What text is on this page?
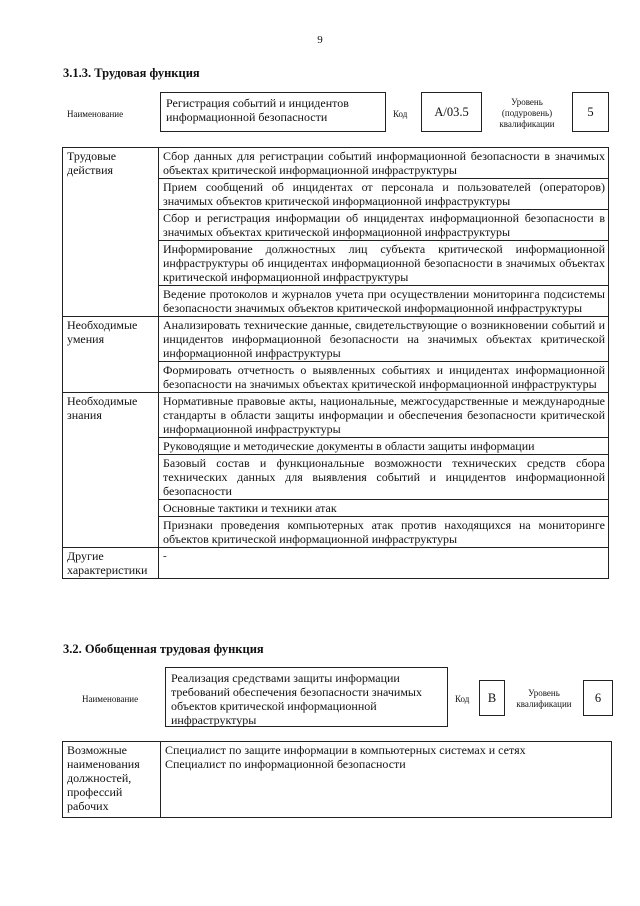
9
3.1.3. Трудовая функция
Наименование
Регистрация событий и инцидентов информационной безопасности	Код A/03.5
Уровень (подуровень) квалификации
5
Трудовые действия	Сбор данных для регистрации событий информационной безопасности в значимых объектах критической информационной инфраструктуры
	Прием сообщений об инцидентах от персонала и пользователей (операторов) значимых объектов критической информационной инфраструктуры
	Сбор и регистрация информации об инцидентах информационной безопасности в значимых объектах критической информационной инфраструктуры
	Информирование должностных лиц субъекта критической информационной инфраструктуры об инцидентах информационной безопасности в значимых объектах критической информационной инфраструктуры
	Ведение протоколов и журналов учета при осуществлении мониторинга подсистемы безопасности значимых объектов критической информационной инфраструктуры
Необходимые умения	Анализировать технические данные, свидетельствующие о возникновении событий и инцидентов информационной безопасности на значимых объектах критической информационной инфраструктуры
	Формировать отчетность о выявленных событиях и инцидентах информационной безопасности на значимых объектах критической информационной инфраструктуры
Необходимые знания	Нормативные правовые акты, национальные, межгосударственные и международные стандарты в области защиты информации и обеспечения безопасности критической информационной инфраструктуры
	Руководящие и методические документы в области защиты информации
	Базовый состав и функциональные возможности технических средств сбора технических данных для выявления событий и инцидентов информационной безопасности
	Основные тактики и техники атак
	Признаки проведения компьютерных атак против находящихся на мониторинге объектов критической информационной инфраструктуры
Другие характеристики	-
3.2. Обобщенная трудовая функция
Наименование
Реализация средствами защиты информации требований обеспечения безопасности значимых объектов критической информационной инфраструктуры
Код B	Уровень квалификации	6
Возможные наименования должностей, профессий рабочих	
Специалист по защите информации в компьютерных системах и сетях
Специалист по информационной безопасности
